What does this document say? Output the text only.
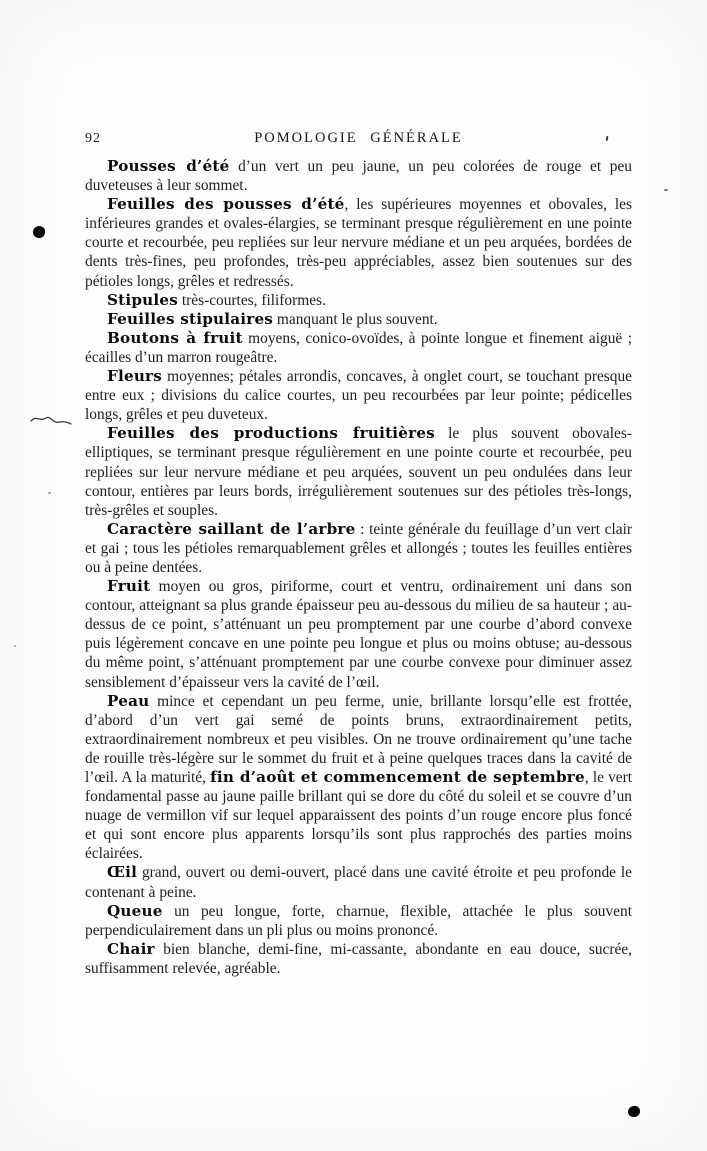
92	POMOLOGIE GÉNÉRALE

Pousses d’été d’un vert un peu jaune, un peu colorées de rouge et peu duveteuses à leur sommet.

Feuilles des pousses d’été, les supérieures moyennes et obovales, les inférieures grandes et ovales-élargies, se terminant presque régulièrement en une pointe courte et recourbée, peu repliées sur leur nervure médiane et un peu arquées, bordées de dents très-fines, peu profondes, très-peu appréciables, assez bien soutenues sur des pétioles longs, grêles et redressés.

Stipules très-courtes, filiformes.

Feuilles stipulaires manquant le plus souvent.

Boutons à fruit moyens, conico-ovoïdes, à pointe longue et finement aiguë ; écailles d’un marron rougeâtre.

Fleurs moyennes; pétales arrondis, concaves, à onglet court, se touchant presque entre eux ; divisions du calice courtes, un peu recourbées par leur pointe; pédicelles longs, grêles et peu duveteux.

Feuilles des productions fruitières le plus souvent obovales-elliptiques, se terminant presque régulièrement en une pointe courte et recourbée, peu repliées sur leur nervure médiane et peu arquées, souvent un peu ondulées dans leur contour, entières par leurs bords, irrégulièrement soutenues sur des pétioles très-longs, très-grêles et souples.

Caractère saillant de l’arbre : teinte générale du feuillage d’un vert clair et gai ; tous les pétioles remarquablement grêles et allongés ; toutes les feuilles entières ou à peine dentées.

Fruit moyen ou gros, piriforme, court et ventru, ordinairement uni dans son contour, atteignant sa plus grande épaisseur peu au-dessous du milieu de sa hauteur ; au-dessus de ce point, s’atténuant un peu promptement par une courbe d’abord convexe puis légèrement concave en une pointe peu longue et plus ou moins obtuse; au-dessous du même point, s’atténuant promptement par une courbe convexe pour diminuer assez sensiblement d’épaisseur vers la cavité de l’œil.

Peau mince et cependant un peu ferme, unie, brillante lorsqu’elle est frottée, d’abord d’un vert gai semé de points bruns, extraordinairement petits, extraordinairement nombreux et peu visibles. On ne trouve ordinairement qu’une tache de rouille très-légère sur le sommet du fruit et à peine quelques traces dans la cavité de l’œil. A la maturité, fin d’août et commencement de septembre, le vert fondamental passe au jaune paille brillant qui se dore du côté du soleil et se couvre d’un nuage de vermillon vif sur lequel apparaissent des points d’un rouge encore plus foncé et qui sont encore plus apparents lorsqu’ils sont plus rapprochés des parties moins éclairées.

Œil grand, ouvert ou demi-ouvert, placé dans une cavité étroite et peu profonde le contenant à peine.

Queue un peu longue, forte, charnue, flexible, attachée le plus souvent perpendiculairement dans un pli plus ou moins prononcé.

Chair bien blanche, demi-fine, mi-cassante, abondante en eau douce, sucrée, suffisamment relevée, agréable.
